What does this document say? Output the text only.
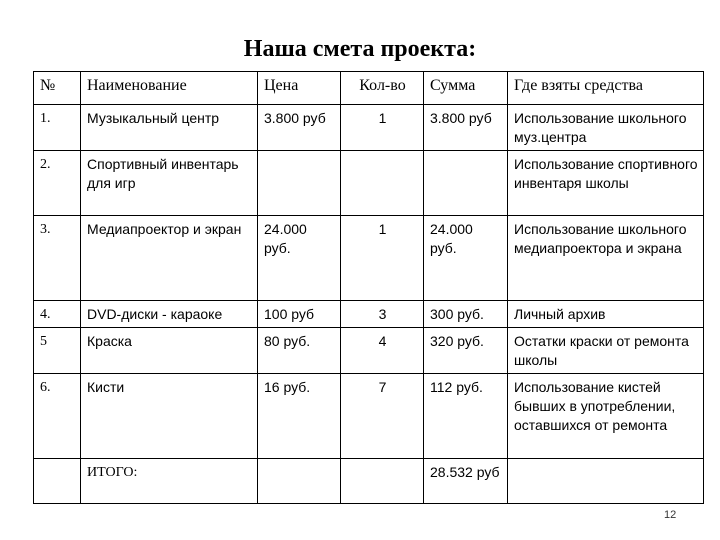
Наша смета проекта:
№	Наименование	Цена	Кол-во	Сумма	Где взяты средства
1.	Музыкальный центр	3.800 руб	1	3.800 руб	Использование школьного муз.центра
2.	Спортивный инвентарь для игр				Использование спортивного инвентаря школы
3.	Медиапроектор и экран	24.000 руб.	1	24.000 руб.	Использование школьного медиапроектора и экрана
4.	DVD-диски - караоке	100 руб	3	300 руб.	Личный архив
5	Краска	80 руб.	4	320 руб.	Остатки краски от ремонта школы
6.	Кисти	16 руб.	7	112 руб.	Использование кистей бывших в употреблении, оставшихся от ремонта
	ИТОГО:			28.532 руб	
12
